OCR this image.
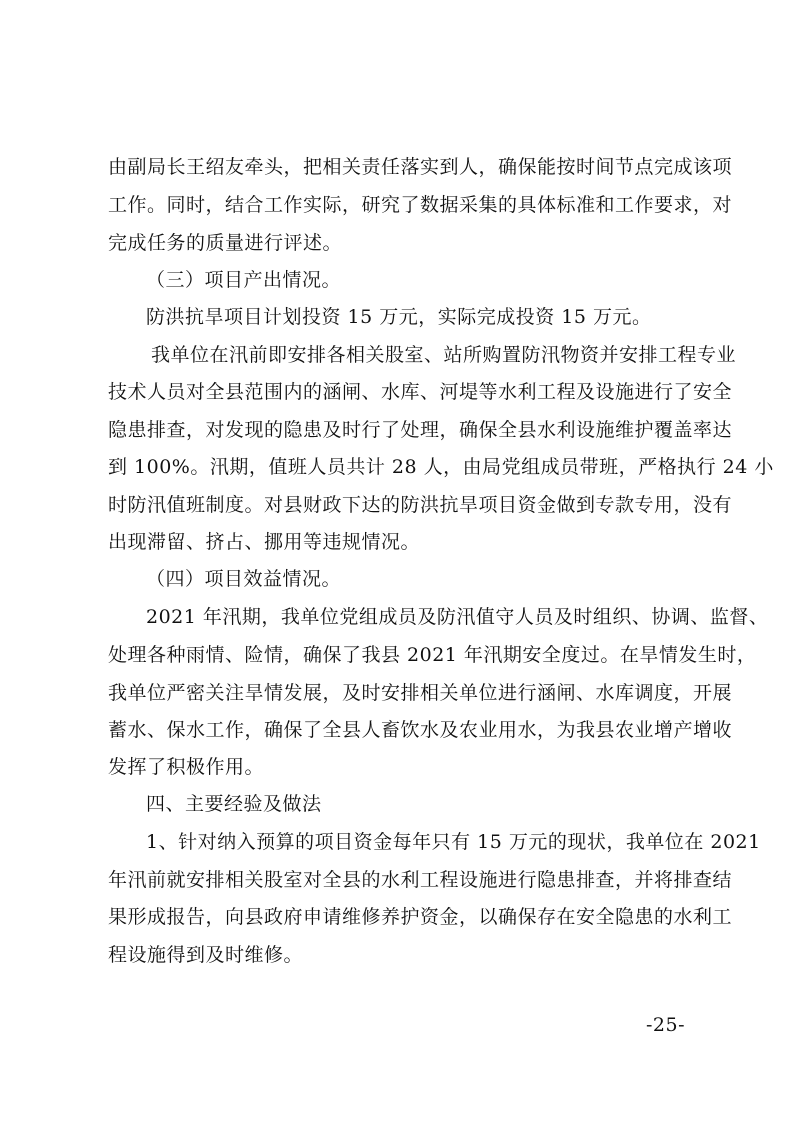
由副局长王绍友牵头，把相关责任落实到人，确保能按时间节点完成该项
工作。同时，结合工作实际，研究了数据采集的具体标准和工作要求，对
完成任务的质量进行评述。
（三）项目产出情况。
防洪抗旱项目计划投资 15 万元，实际完成投资 15 万元。
我单位在汛前即安排各相关股室、站所购置防汛物资并安排工程专业
技术人员对全县范围内的涵闸、水库、河堤等水利工程及设施进行了安全
隐患排查，对发现的隐患及时行了处理，确保全县水利设施维护覆盖率达
到 100%。汛期，值班人员共计 28 人，由局党组成员带班，严格执行 24 小
时防汛值班制度。对县财政下达的防洪抗旱项目资金做到专款专用，没有
出现滞留、挤占、挪用等违规情况。
（四）项目效益情况。
2021 年汛期，我单位党组成员及防汛值守人员及时组织、协调、监督、
处理各种雨情、险情，确保了我县 2021 年汛期安全度过。在旱情发生时，
我单位严密关注旱情发展，及时安排相关单位进行涵闸、水库调度，开展
蓄水、保水工作，确保了全县人畜饮水及农业用水，为我县农业增产增收
发挥了积极作用。
四、主要经验及做法
1、针对纳入预算的项目资金每年只有 15 万元的现状，我单位在 2021
年汛前就安排相关股室对全县的水利工程设施进行隐患排查，并将排查结
果形成报告，向县政府申请维修养护资金，以确保存在安全隐患的水利工
程设施得到及时维修。
-25-
